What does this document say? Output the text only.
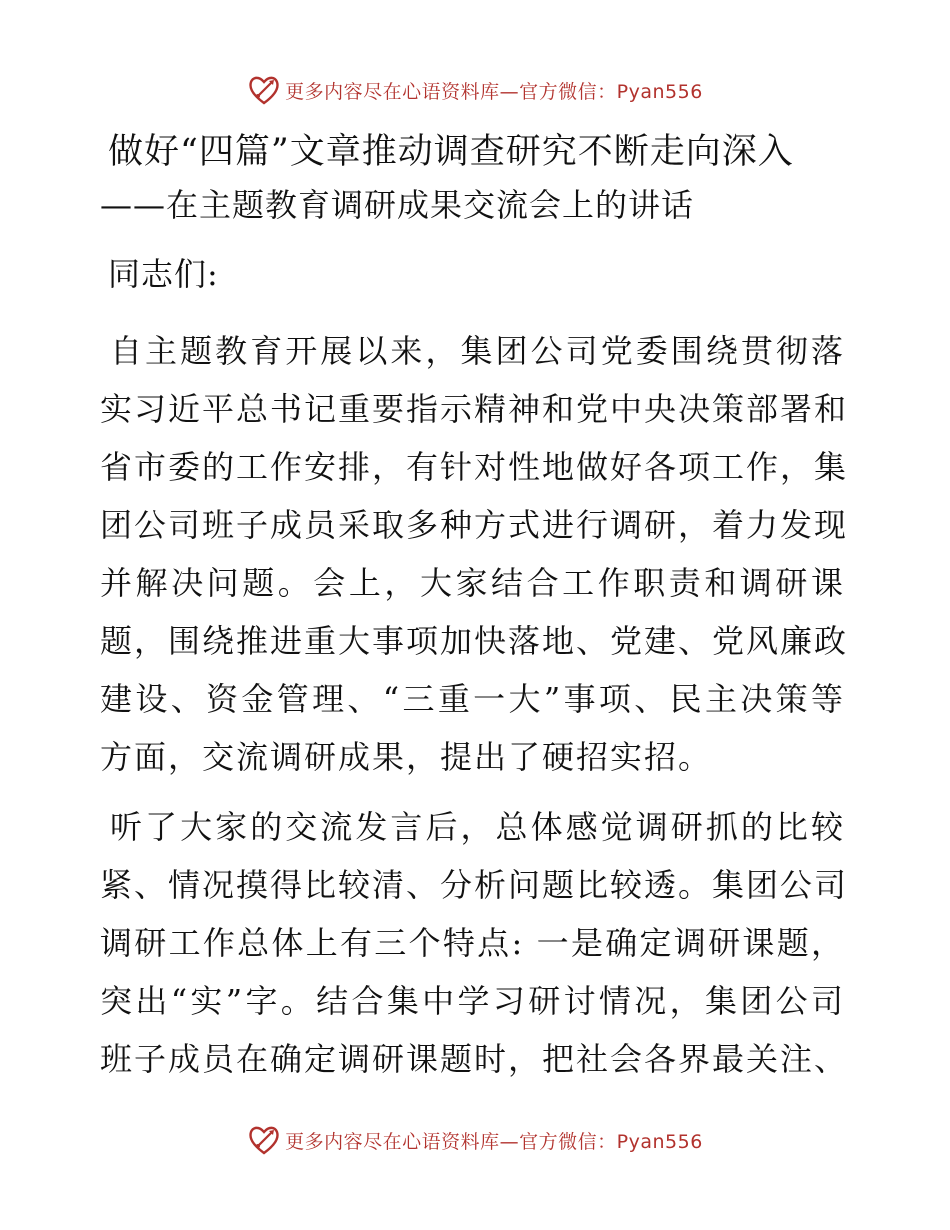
更多内容尽在心语资料库—官方微信：Pyan556
做好“四篇”文章推动调查研究不断走向深入
——在主题教育调研成果交流会上的讲话
同志们:
自主题教育开展以来，集团公司党委围绕贯彻落
实习近平总书记重要指示精神和党中央决策部署和
省市委的工作安排，有针对性地做好各项工作，集
团公司班子成员采取多种方式进行调研，着力发现
并解决问题。会上，大家结合工作职责和调研课
题，围绕推进重大事项加快落地、党建、党风廉政
建设、资金管理、“三重一大”事项、民主决策等
方面，交流调研成果，提出了硬招实招。
听了大家的交流发言后，总体感觉调研抓的比较
紧、情况摸得比较清、分析问题比较透。集团公司
调研工作总体上有三个特点: 一是确定调研课题，
突出“实”字。结合集中学习研讨情况，集团公司
班子成员在确定调研课题时，把社会各界最关注、
更多内容尽在心语资料库—官方微信：Pyan556
